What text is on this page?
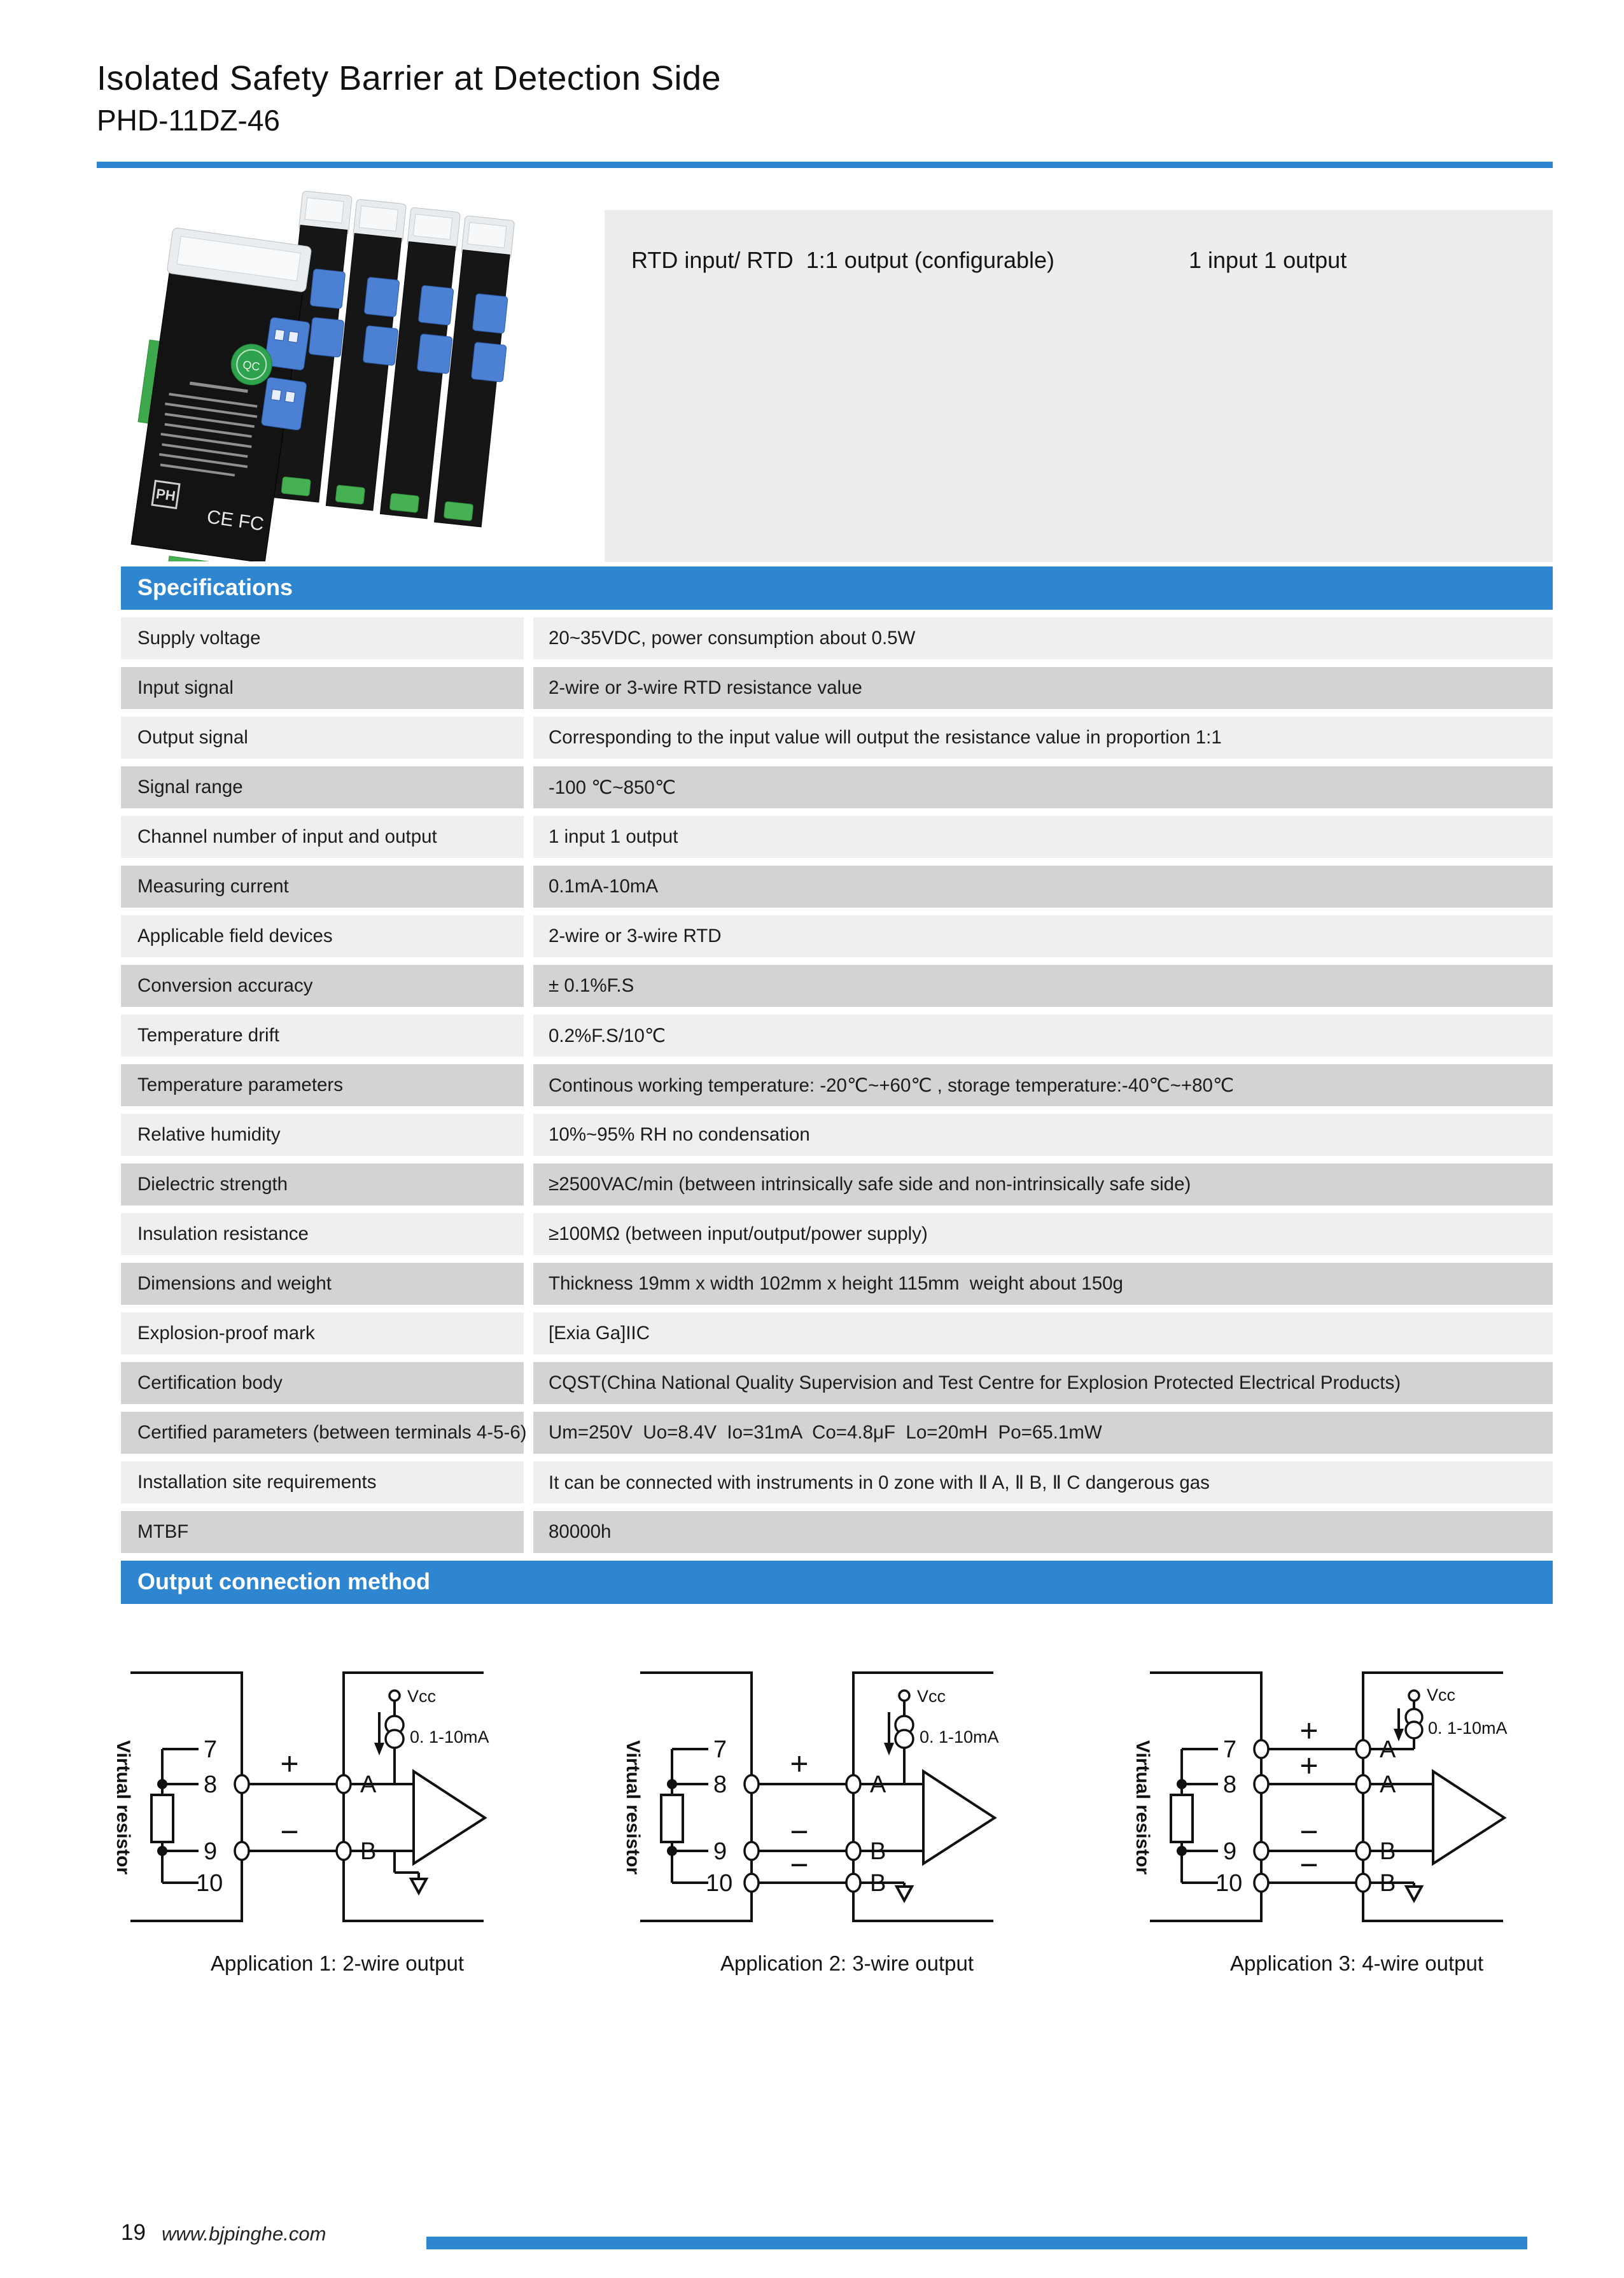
Isolated Safety Barrier at Detection Side
PHD-11DZ-46
QC
PH
CE FC
RTD input/ RTD  1:1 output (configurable)	1 input 1 output
Specifications
Supply voltage	20~35VDC, power consumption about 0.5W
Input signal	2-wire or 3-wire RTD resistance value
Output signal	Corresponding to the input value will output the resistance value in proportion 1:1
Signal range	-100 ℃~850℃
Channel number of input and output	1 input 1 output
Measuring current	0.1mA-10mA
Applicable field devices	2-wire or 3-wire RTD
Conversion accuracy	± 0.1%F.S
Temperature drift	0.2%F.S/10℃
Temperature parameters	Continous working temperature: -20℃~+60℃ , storage temperature:-40℃~+80℃
Relative humidity	10%~95% RH no condensation
Dielectric strength	≥2500VAC/min (between intrinsically safe side and non-intrinsically safe side)
Insulation resistance	≥100MΩ (between input/output/power supply)
Dimensions and weight	Thickness 19mm x width 102mm x height 115mm  weight about 150g
Explosion-proof mark	[Exia Ga]IIC
Certification body	CQST(China National Quality Supervision and Test Centre for Explosion Protected Electrical Products)
Certified parameters (between terminals 4-5-6)	Um=250V  Uo=8.4V  Io=31mA  Co=4.8μF  Lo=20mH  Po=65.1mW
Installation site requirements	It can be connected with instruments in 0 zone with Ⅱ A, Ⅱ B, Ⅱ C dangerous gas
MTBF	80000h
Output connection method
Virtual resistor	7
8
9
10
+
−
A
B
Vcc
0. 1-10mA
Application 1: 2-wire output
Virtual resistor	7
8
9
10
+
−
−
A
B
B
Vcc
0. 1-10mA
Application 2: 3-wire output
Virtual resistor	7
8
9
10
+
+
−
−
A
A
B
B
Vcc
0. 1-10mA
Application 3: 4-wire output
19 www.bjpinghe.com
